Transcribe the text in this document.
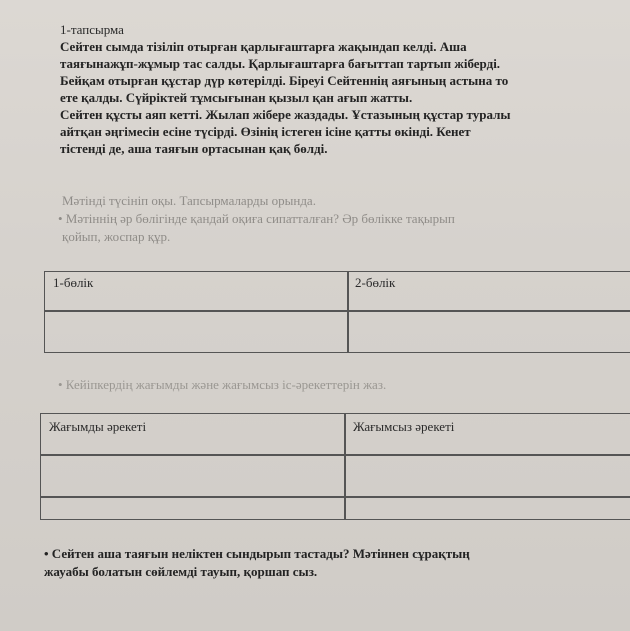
1-тапсырма
Сейтен сымда тізіліп отырған қарлығаштарға жақындап келді. Аша
таяғынажұп-жұмыр тас салды. Қарлығаштарға бағыттап тартып жіберді.
Бейқам отырған құстар дүр көтерілді. Біреуі Сейтеннің аяғының астына то
ете қалды. Сүйріктей тұмсығынан қызыл қан ағып жатты.
Сейтен құсты аяп кетті. Жылап жібере жаздады. Ұстазының құстар туралы
айтқан әңгімесін есіне түсірді. Өзінің істеген ісіне қатты өкінді. Кенет
тістенді де, аша таяғын ортасынан қақ бөлді.
Мәтінді түсініп оқы. Тапсырмаларды орында.
• Мәтіннің әр бөлігінде қандай оқиға сипатталған? Әр бөлікке тақырып
қойып, жоспар құр.
1-бөлік	2-бөлік
• Кейіпкердің жағымды және жағымсыз іс-әрекеттерін жаз.
Жағымды әрекеті	Жағымсыз әрекеті
• Сейтен аша таяғын неліктен сындырып тастады? Мәтіннен сұрақтың
жауабы болатын сөйлемді тауып, қоршап сыз.
